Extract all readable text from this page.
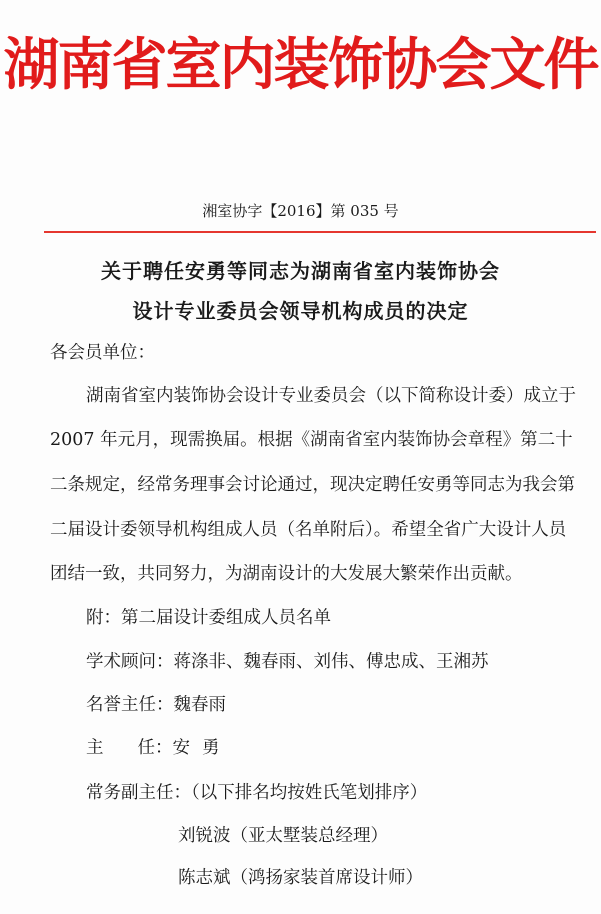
湖南省室内装饰协会文件
湘室协字【2016】第 035 号
关于聘任安勇等同志为湖南省室内装饰协会
设计专业委员会领导机构成员的决定
各会员单位：
湖南省室内装饰协会设计专业委员会（以下简称设计委）成立于
2007 年元月，现需换届。根据《湖南省室内装饰协会章程》第二十
二条规定，经常务理事会讨论通过，现决定聘任安勇等同志为我会第
二届设计委领导机构组成人员（名单附后）。希望全省广大设计人员
团结一致，共同努力，为湖南设计的大发展大繁荣作出贡献。
附：第二届设计委组成人员名单
学术顾问：蒋涤非、魏春雨、刘伟、傅忠成、王湘苏
名誉主任：魏春雨
主 任：安勇
常务副主任：（以下排名均按姓氏笔划排序）
刘锐波（亚太墅装总经理）
陈志斌（鸿扬家装首席设计师）
